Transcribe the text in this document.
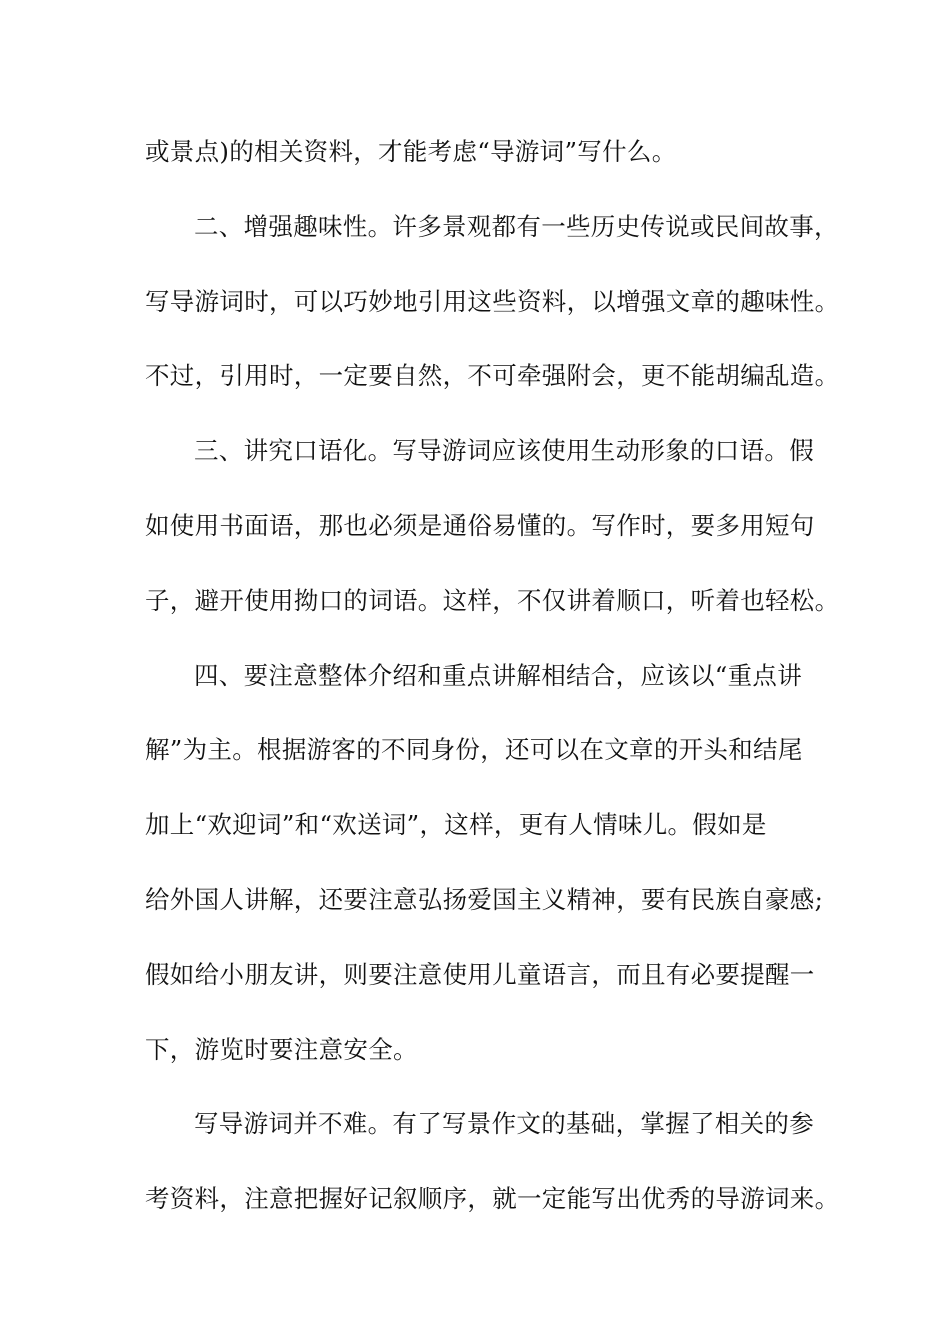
或景点)的相关资料，才能考虑“导游词”写什么。
二、增强趣味性。许多景观都有一些历史传说或民间故事，
写导游词时，可以巧妙地引用这些资料，以增强文章的趣味性。
不过，引用时，一定要自然，不可牵强附会，更不能胡编乱造。
三、讲究口语化。写导游词应该使用生动形象的口语。假
如使用书面语，那也必须是通俗易懂的。写作时，要多用短句
子，避开使用拗口的词语。这样，不仅讲着顺口，听着也轻松。
四、要注意整体介绍和重点讲解相结合，应该以“重点讲
解”为主。根据游客的不同身份，还可以在文章的开头和结尾
加上“欢迎词”和“欢送词”，这样，更有人情味儿。假如是
给外国人讲解，还要注意弘扬爱国主义精神，要有民族自豪感;
假如给小朋友讲，则要注意使用儿童语言，而且有必要提醒一
下，游览时要注意安全。
写导游词并不难。有了写景作文的基础，掌握了相关的参
考资料，注意把握好记叙顺序，就一定能写出优秀的导游词来。
